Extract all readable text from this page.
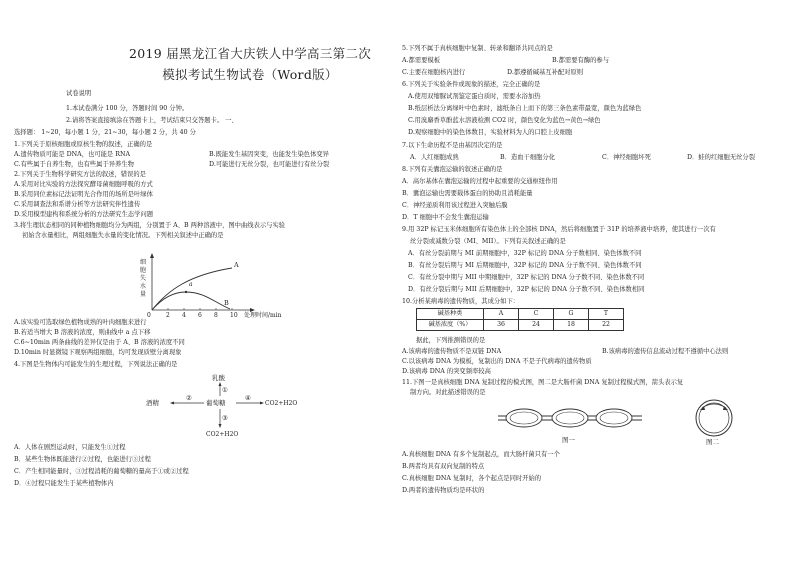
2019 届黑龙江省大庆铁人中学高三第二次
模拟考试生物试卷（Word版）
试卷说明
1.本试卷满分 100 分，答题时间 90 分钟。
2.请将答案直接填涂在答题卡上，考试结束只交答题卡。 一、
选择题： 1~20，每小题 1 分，21~30，每小题 2 分，共 40 分
1.下列关于原核细胞或原核生物的叙述，正确的是
A.遗传物质可能是 DNA，也可能是 RNA	B.既能发生基因突变，也能发生染色体变异
C.有些属于自养生物，也有些属于异养生物	D.可能进行无丝分裂，也可能进行有丝分裂
2.下列关于生物科学研究方法的叙述，错误的是
A.采用对比实验的方法探究酵母菌细胞呼吸的方式
B.采用同位素标记法证明光合作用的场所是叶绿体
C.采用调查法和系谱分析等方法研究伴性遗传
D.采用模型建构和系统分析的方法研究生态学问题
3.将生理状态相同的同种植物细胞均分为两组，分别置于 A、B 两种溶液中，图中曲线表示与实验
初始含水量相比，两组细胞失水量的变化情况。下列相关叙述中正确的是
2 4 6 8 10
细
胞
失
水
量
0
A
B
a
处理时间/min
A.该实验可选取绿色植物成熟的叶肉细胞来进行
B.若适当增大 B 溶液的浓度，则曲线中 a 点下移
C.6~10min 两条曲线的差异仅是由于 A、B 溶液的浓度不同
D.10min 时显微镜下观察两组细胞，均可发现质壁分离现象
4.下图是生物体内可能发生的生理过程，下列说法正确的是
乳酸
①
葡萄糖
②
酒精
④
CO2+H2O
③
CO2+H2O
A．人体在剧烈运动时，只能发生①过程
B．某些生物体既能进行②过程，也能进行③过程
C．产生相同能量时，③过程消耗的葡萄糖的量高于①或②过程
D．④过程只能发生于某些植物体内
5.下列不属于真核细胞中复制、转录和翻译共同点的是
A.都需要模板	B.都需要有酶的参与
C.主要在细胞核内进行	D.都遵循碱基互补配对原则
6.下列关于实验条件或现象的描述，完全正确的是
A.使用双缩脲试剂鉴定蛋白质时，需要水浴加热
B.纸层析法分离绿叶中色素时，滤纸条自上而下的第三条色素带最宽，颜色为蓝绿色
C.用溴麝香草酚蓝水溶液检测 CO2 时，颜色变化为蓝色→黄色→绿色
D.观察细胞中的染色体数目，实验材料为人的口腔上皮细胞
7.以下生命历程不是由基因决定的是
A．人红细胞成熟	B．造血干细胞分化	C．神经细胞坏死	D．蛙的红细胞无丝分裂
8.下列有关囊泡运输的叙述正确的是
A．高尔基体在囊泡运输的过程中起重要的交通枢纽作用
B．囊泡运输也需要载体蛋白的协助且消耗能量
C．神经递质利用该过程进入突触后膜
D．T 细胞中不会发生囊泡运输
9.用 32P 标记玉米体细胞所有染色体上的全部核 DNA，然后将细胞置于 31P 的培养液中培养，使其进行一次有
丝分裂或减数分裂（MI、MII）。下列有关叙述正确的是
A．有丝分裂前期与 MI 前期细胞中，32P 标记的 DNA 分子数相同、染色体数不同
B．有丝分裂后期与 MI 后期细胞中，32P 标记的 DNA 分子数不同、染色体数不同
C．有丝分裂中期与 MII 中期细胞中，32P 标记的 DNA 分子数不同、染色体数不同
D．有丝分裂后期与 MII 后期细胞中，32P 标记的 DNA 分子数不同、染色体数相同
10.分析某病毒的遗传物质，其成分如下：
碱基种类	A	C	G	T
碱基浓度（%）	36	24	18	22
据此，下列推测错误的是
A.该病毒的遗传物质不是双链 DNA	B.该病毒的遗传信息流动过程不遵循中心法则
C.以该病毒 DNA 为模板，复制出的 DNA 不是子代病毒的遗传物质
D.该病毒 DNA 的突变频率较高
11.下图一是真核细胞 DNA 复制过程的模式图，图二是大肠杆菌 DNA 复制过程模式图，箭头表示复
制方向。对此描述错误的是
图一	图二
A.真核细胞 DNA 有多个复制起点，而大肠杆菌只有一个
B.两者均具有双向复制的特点
C.真核细胞 DNA 复制时，各个起点是同时开始的
D.两者的遗传物质均是环状的
